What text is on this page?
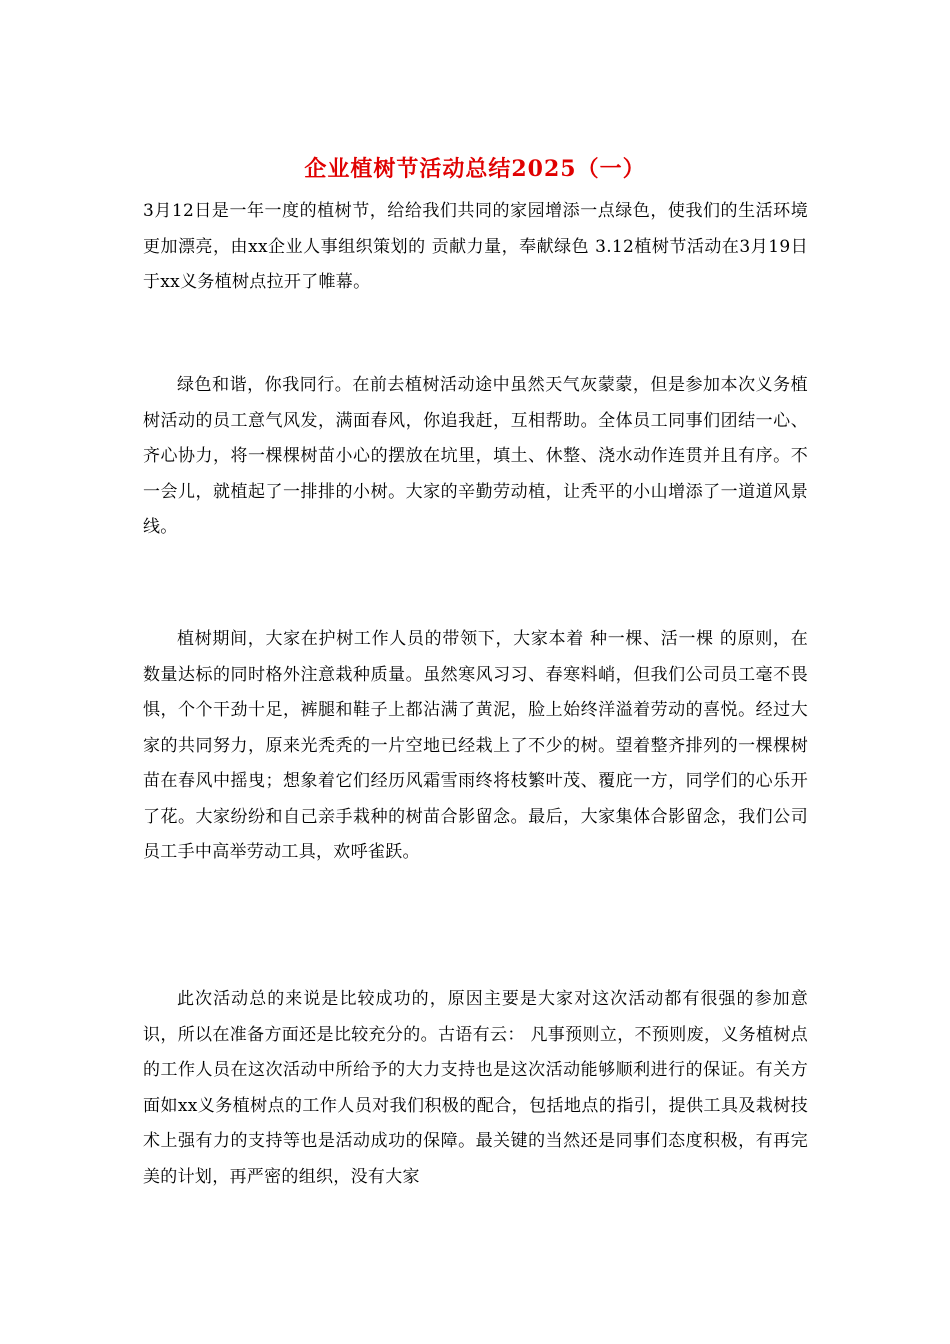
企业植树节活动总结2025（一）

3月12日是一年一度的植树节，给给我们共同的家园增添一点绿色，使我们的生活环境更加漂亮，由xx企业人事组织策划的 贡献力量，奉献绿色 3.12植树节活动在3月19日于xx义务植树点拉开了帷幕。

绿色和谐，你我同行。在前去植树活动途中虽然天气灰蒙蒙，但是参加本次义务植树活动的员工意气风发，满面春风，你追我赶，互相帮助。全体员工同事们团结一心、齐心协力，将一棵棵树苗小心的摆放在坑里，填土、休整、浇水动作连贯并且有序。不一会儿，就植起了一排排的小树。大家的辛勤劳动植，让秃平的小山增添了一道道风景线。

植树期间，大家在护树工作人员的带领下，大家本着 种一棵、活一棵 的原则，在数量达标的同时格外注意栽种质量。虽然寒风习习、春寒料峭，但我们公司员工毫不畏惧，个个干劲十足，裤腿和鞋子上都沾满了黄泥，脸上始终洋溢着劳动的喜悦。经过大家的共同努力，原来光秃秃的一片空地已经栽上了不少的树。望着整齐排列的一棵棵树苗在春风中摇曳；想象着它们经历风霜雪雨终将枝繁叶茂、覆庇一方，同学们的心乐开了花。大家纷纷和自己亲手栽种的树苗合影留念。最后，大家集体合影留念，我们公司员工手中高举劳动工具，欢呼雀跃。

此次活动总的来说是比较成功的，原因主要是大家对这次活动都有很强的参加意识，所以在准备方面还是比较充分的。古语有云： 凡事预则立，不预则废，义务植树点的工作人员在这次活动中所给予的大力支持也是这次活动能够顺利进行的保证。有关方面如xx义务植树点的工作人员对我们积极的配合，包括地点的指引，提供工具及栽树技术上强有力的支持等也是活动成功的保障。最关键的当然还是同事们态度积极，有再完美的计划，再严密的组织，没有大家
